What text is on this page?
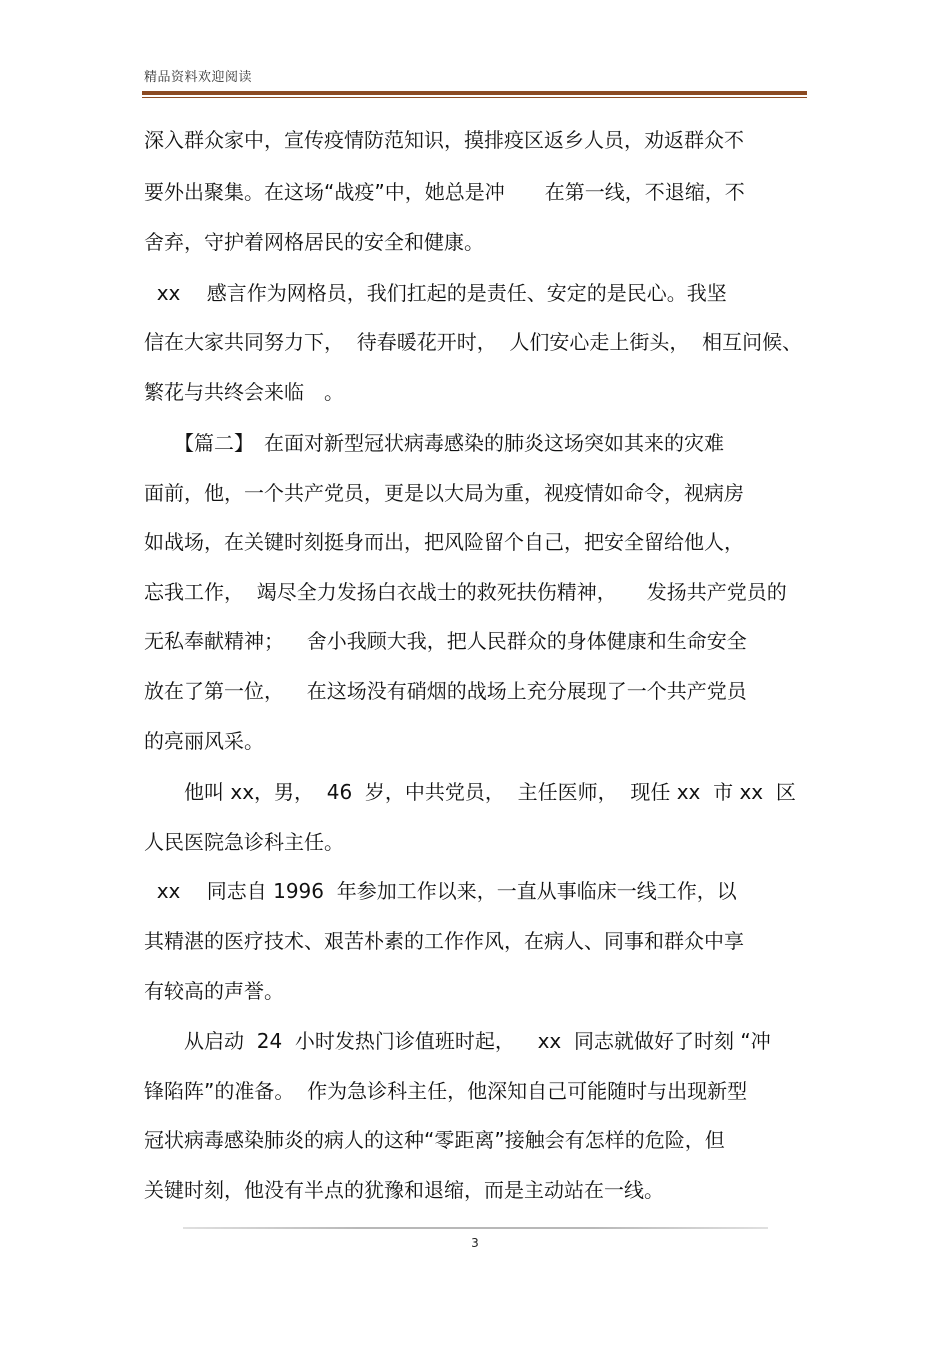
精品资料欢迎阅读
深入群众家中，宣传疫情防范知识，摸排疫区返乡人员，劝返群众不
要外出聚集。在这场“战疫”中，她总是冲　　在第一线，不退缩，不
舍弃，守护着网格居民的安全和健康。
xx　 感言作为网格员，我们扛起的是责任、安定的是民心。我坚
信在大家共同努力下，  待春暖花开时，  人们安心走上街头，  相互问候、
繁花与共终会来临　。
　　【篇二】　在面对新型冠状病毒感染的肺炎这场突如其来的灾难
面前，他，一个共产党员，更是以大局为重，视疫情如命令，视病房
如战场，在关键时刻挺身而出，把风险留个自己，把安全留给他人，
忘我工作，  竭尽全力发扬白衣战士的救死扶伤精神，　　发扬共产党员的
无私奉献精神；　  舍小我顾大我，把人民群众的身体健康和生命安全
放在了第一位，　  在这场没有硝烟的战场上充分展现了一个共产党员
的亮丽风采。
　　他叫 xx，男，  46  岁，中共党员，  主任医师，  现任 xx  市 xx  区
人民医院急诊科主任。
xx　 同志自 1996  年参加工作以来，一直从事临床一线工作，以
其精湛的医疗技术、艰苦朴素的工作作风，在病人、同事和群众中享
有较高的声誉。
　　从启动  24  小时发热门诊值班时起，　  xx  同志就做好了时刻 “冲
锋陷阵”的准备。  作为急诊科主任，他深知自己可能随时与出现新型
冠状病毒感染肺炎的病人的这种“零距离”接触会有怎样的危险，但
关键时刻，他没有半点的犹豫和退缩，而是主动站在一线。
3
